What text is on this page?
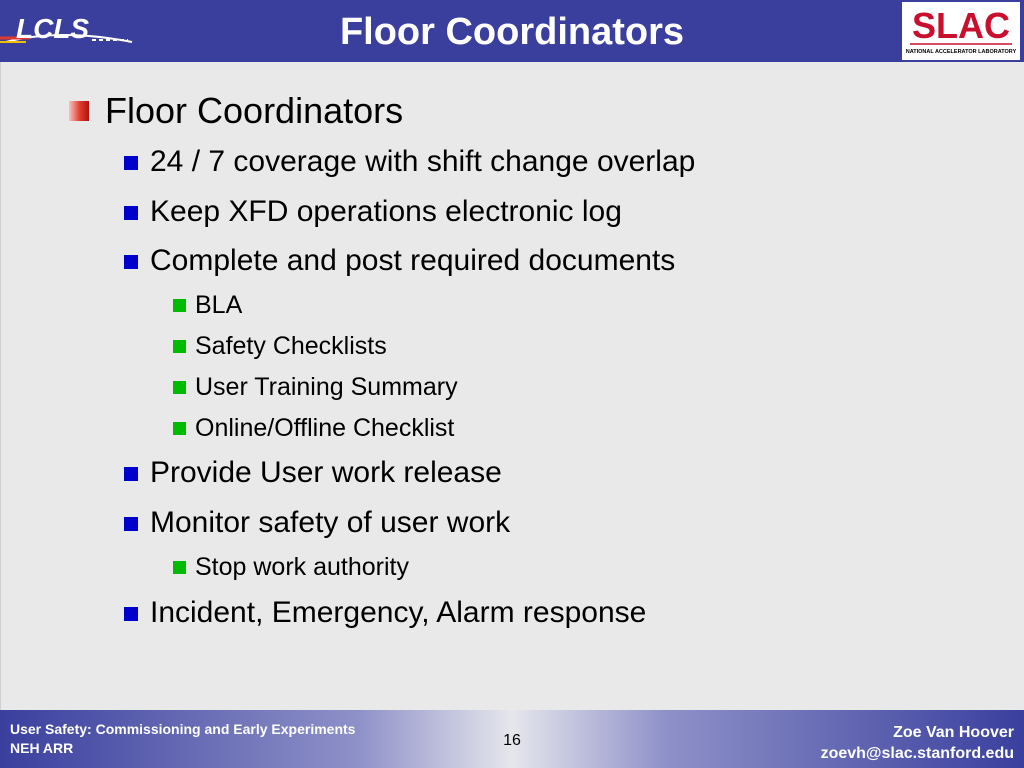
LCLS	Floor Coordinators	SLAC
NATIONAL ACCELERATOR LABORATORY
Floor Coordinators
24 / 7 coverage with shift change overlap
Keep XFD operations electronic log
Complete and post required documents
BLA
Safety Checklists
User Training Summary
Online/Offline Checklist
Provide User work release
Monitor safety of user work
Stop work authority
Incident, Emergency, Alarm response
User Safety: Commissioning and Early Experiments
NEH ARR	16	Zoe Van Hoover
zoevh@slac.stanford.edu
